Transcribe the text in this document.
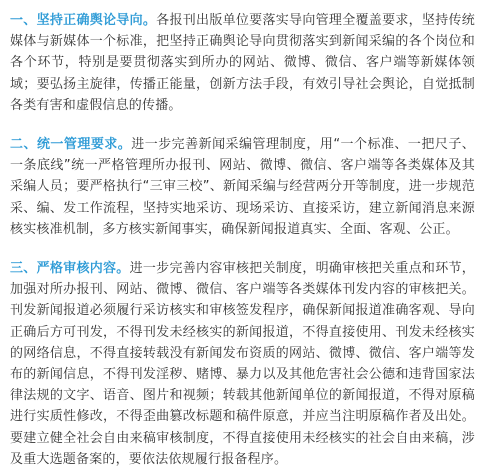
一、坚持正确舆论导向。各报刊出版单位要落实导向管理全覆盖要求，坚持传统媒体与新媒体一个标准，把坚持正确舆论导向贯彻落实到新闻采编的各个岗位和各个环节，特别是要贯彻落实到所办的网站、微博、微信、客户端等新媒体领域；要弘扬主旋律，传播正能量，创新方法手段，有效引导社会舆论，自觉抵制各类有害和虚假信息的传播。

二、统一管理要求。进一步完善新闻采编管理制度，用“一个标准、一把尺子、一条底线”统一严格管理所办报刊、网站、微博、微信、客户端等各类媒体及其采编人员；要严格执行“三审三校”、新闻采编与经营两分开等制度，进一步规范采、编、发工作流程，坚持实地采访、现场采访、直接采访，建立新闻消息来源核实核准机制，多方核实新闻事实，确保新闻报道真实、全面、客观、公正。

三、严格审核内容。进一步完善内容审核把关制度，明确审核把关重点和环节，加强对所办报刊、网站、微博、微信、客户端等各类媒体刊发内容的审核把关。刊发新闻报道必须履行采访核实和审核签发程序，确保新闻报道准确客观、导向正确后方可刊发，不得刊发未经核实的新闻报道，不得直接使用、刊发未经核实的网络信息，不得直接转载没有新闻发布资质的网站、微博、微信、客户端等发布的新闻信息，不得刊发淫秽、赌博、暴力以及其他危害社会公德和违背国家法律法规的文字、语音、图片和视频；转载其他新闻单位的新闻报道，不得对原稿进行实质性修改，不得歪曲篡改标题和稿件原意，并应当注明原稿作者及出处。要建立健全社会自由来稿审核制度，不得直接使用未经核实的社会自由来稿，涉及重大选题备案的，要依法依规履行报备程序。
